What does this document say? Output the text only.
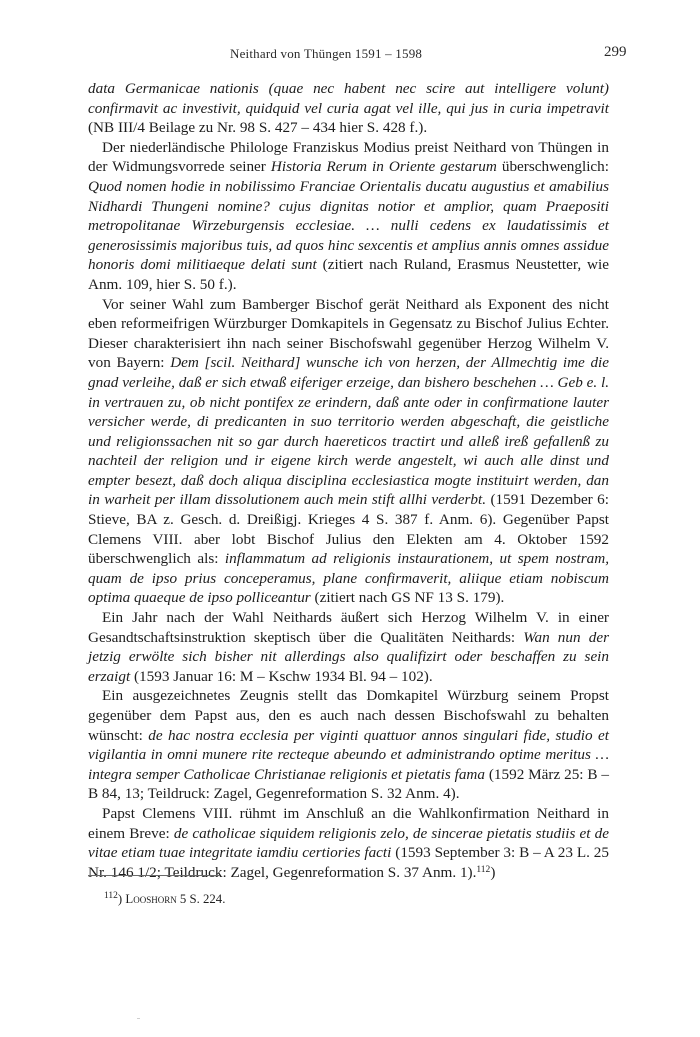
Neithard von Thüngen 1591 – 1598	299

data Germanicae nationis (quae nec habent nec scire aut intelligere volunt) confirmavit ac investivit, quidquid vel curia agat vel ille, qui jus in curia impetravit (NB III/4 Beilage zu Nr. 98 S. 427 – 434 hier S. 428 f.).

Der niederländische Philologe Franziskus Modius preist Neithard von Thüngen in der Widmungsvorrede seiner Historia Rerum in Oriente gestarum überschwenglich: Quod nomen hodie in nobilissimo Franciae Orientalis ducatu augustius et amabilius Nidhardi Thungeni nomine? cujus dignitas notior et amplior, quam Praepositi metropolitanae Wirzeburgensis ecclesiae. … nulli cedens ex laudatissimis et generosissimis majoribus tuis, ad quos hinc sexcentis et amplius annis omnes assidue honoris domi militiaeque delati sunt (zitiert nach Ruland, Erasmus Neustetter, wie Anm. 109, hier S. 50 f.).

Vor seiner Wahl zum Bamberger Bischof gerät Neithard als Exponent des nicht eben reformeifrigen Würzburger Domkapitels in Gegensatz zu Bischof Julius Echter. Dieser charakterisiert ihn nach seiner Bischofswahl gegenüber Herzog Wilhelm V. von Bayern: Dem [scil. Neithard] wunsche ich von herzen, der Allmechtig ime die gnad verleihe, daß er sich etwaß eiferiger erzeige, dan bishero beschehen … Geb e. l. in vertrauen zu, ob nicht pontifex ze erindern, daß ante oder in confirmatione lauter versicher werde, di predicanten in suo territorio werden abgeschaft, die geistliche und religionssachen nit so gar durch haereticos tractirt und alleß ireß gefallenß zu nachteil der religion und ir eigene kirch werde angestelt, wi auch alle dinst und empter besezt, daß doch aliqua disciplina ecclesiastica mogte instituirt werden, dan in warheit per illam dissolutionem auch mein stift allhi verderbt. (1591 Dezember 6: Stieve, BA z. Gesch. d. Dreißigj. Krieges 4 S. 387 f. Anm. 6). Gegenüber Papst Clemens VIII. aber lobt Bischof Julius den Elekten am 4. Oktober 1592 überschwenglich als: inflammatum ad religionis instaurationem, ut spem nostram, quam de ipso prius conceperamus, plane confirmaverit, aliique etiam nobiscum optima quaeque de ipso polliceantur (zitiert nach GS NF 13 S. 179).

Ein Jahr nach der Wahl Neithards äußert sich Herzog Wilhelm V. in einer Gesandtschaftsinstruktion skeptisch über die Qualitäten Neithards: Wan nun der jetzig erwölte sich bisher nit allerdings also qualifizirt oder beschaffen zu sein erzaigt (1593 Januar 16: M – Kschw 1934 Bl. 94 – 102).

Ein ausgezeichnetes Zeugnis stellt das Domkapitel Würzburg seinem Propst gegenüber dem Papst aus, den es auch nach dessen Bischofswahl zu behalten wünscht: de hac nostra ecclesia per viginti quattuor annos singulari fide, studio et vigilantia in omni munere rite recteque abeundo et administrando optime meritus … integra semper Catholicae Christianae religionis et pietatis fama (1592 März 25: B – B 84, 13; Teildruck: Zagel, Gegenreformation S. 32 Anm. 4).

Papst Clemens VIII. rühmt im Anschluß an die Wahlkonfirmation Neithard in einem Breve: de catholicae siquidem religionis zelo, de sincerae pietatis studiis et de vitae etiam tuae integritate iamdiu certiories facti (1593 September 3: B – A 23 L. 25 Nr. 146 1/2; Teildruck: Zagel, Gegenreformation S. 37 Anm. 1).$^{112}$)

$^{112}$) Looshorn 5 S. 224.
